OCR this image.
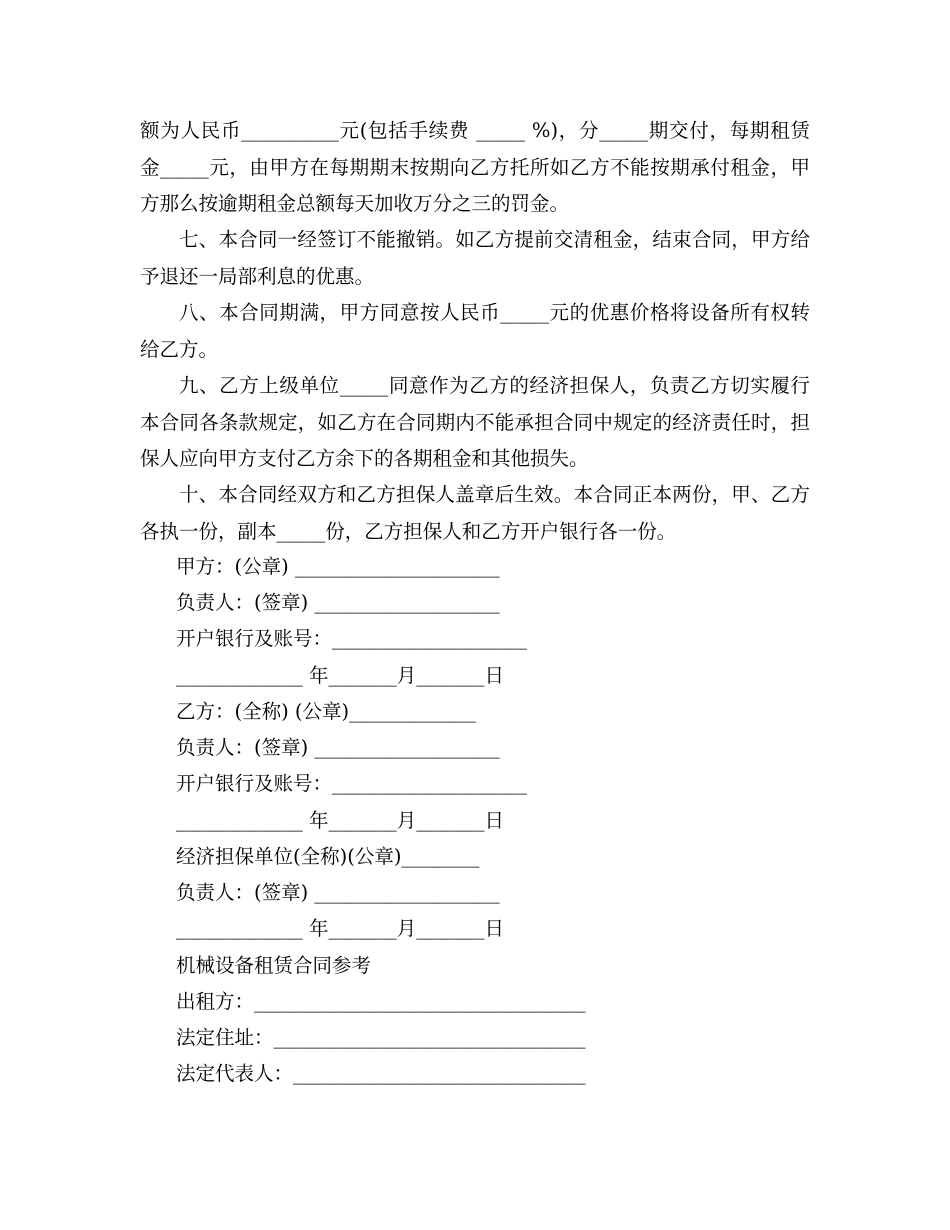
额为人民币__________元(包括手续费 _____ %)，分_____期交付，每期租赁金_____元，由甲方在每期期末按期向乙方托所如乙方不能按期承付租金，甲方那么按逾期租金总额每天加收万分之三的罚金。

七、本合同一经签订不能撤销。如乙方提前交清租金，结束合同，甲方给予退还一局部利息的优惠。

八、本合同期满，甲方同意按人民币_____元的优惠价格将设备所有权转给乙方。

九、乙方上级单位_____同意作为乙方的经济担保人，负责乙方切实履行本合同各条款规定，如乙方在合同期内不能承担合同中规定的经济责任时，担保人应向甲方支付乙方余下的各期租金和其他损失。

十、本合同经双方和乙方担保人盖章后生效。本合同正本两份，甲、乙方各执一份，副本_____份，乙方担保人和乙方开户银行各一份。

甲方：(公章) _____________________
负责人：(签章) ___________________
开户银行及账号：____________________
_____________ 年_______月_______日
乙方：(全称) (公章)_____________
负责人：(签章) ___________________
开户银行及账号：____________________
_____________ 年_______月_______日
经济担保单位(全称)(公章)________
负责人：(签章) ___________________
_____________ 年_______月_______日
机械设备租赁合同参考
出租方：__________________________________
法定住址：________________________________
法定代表人：______________________________
